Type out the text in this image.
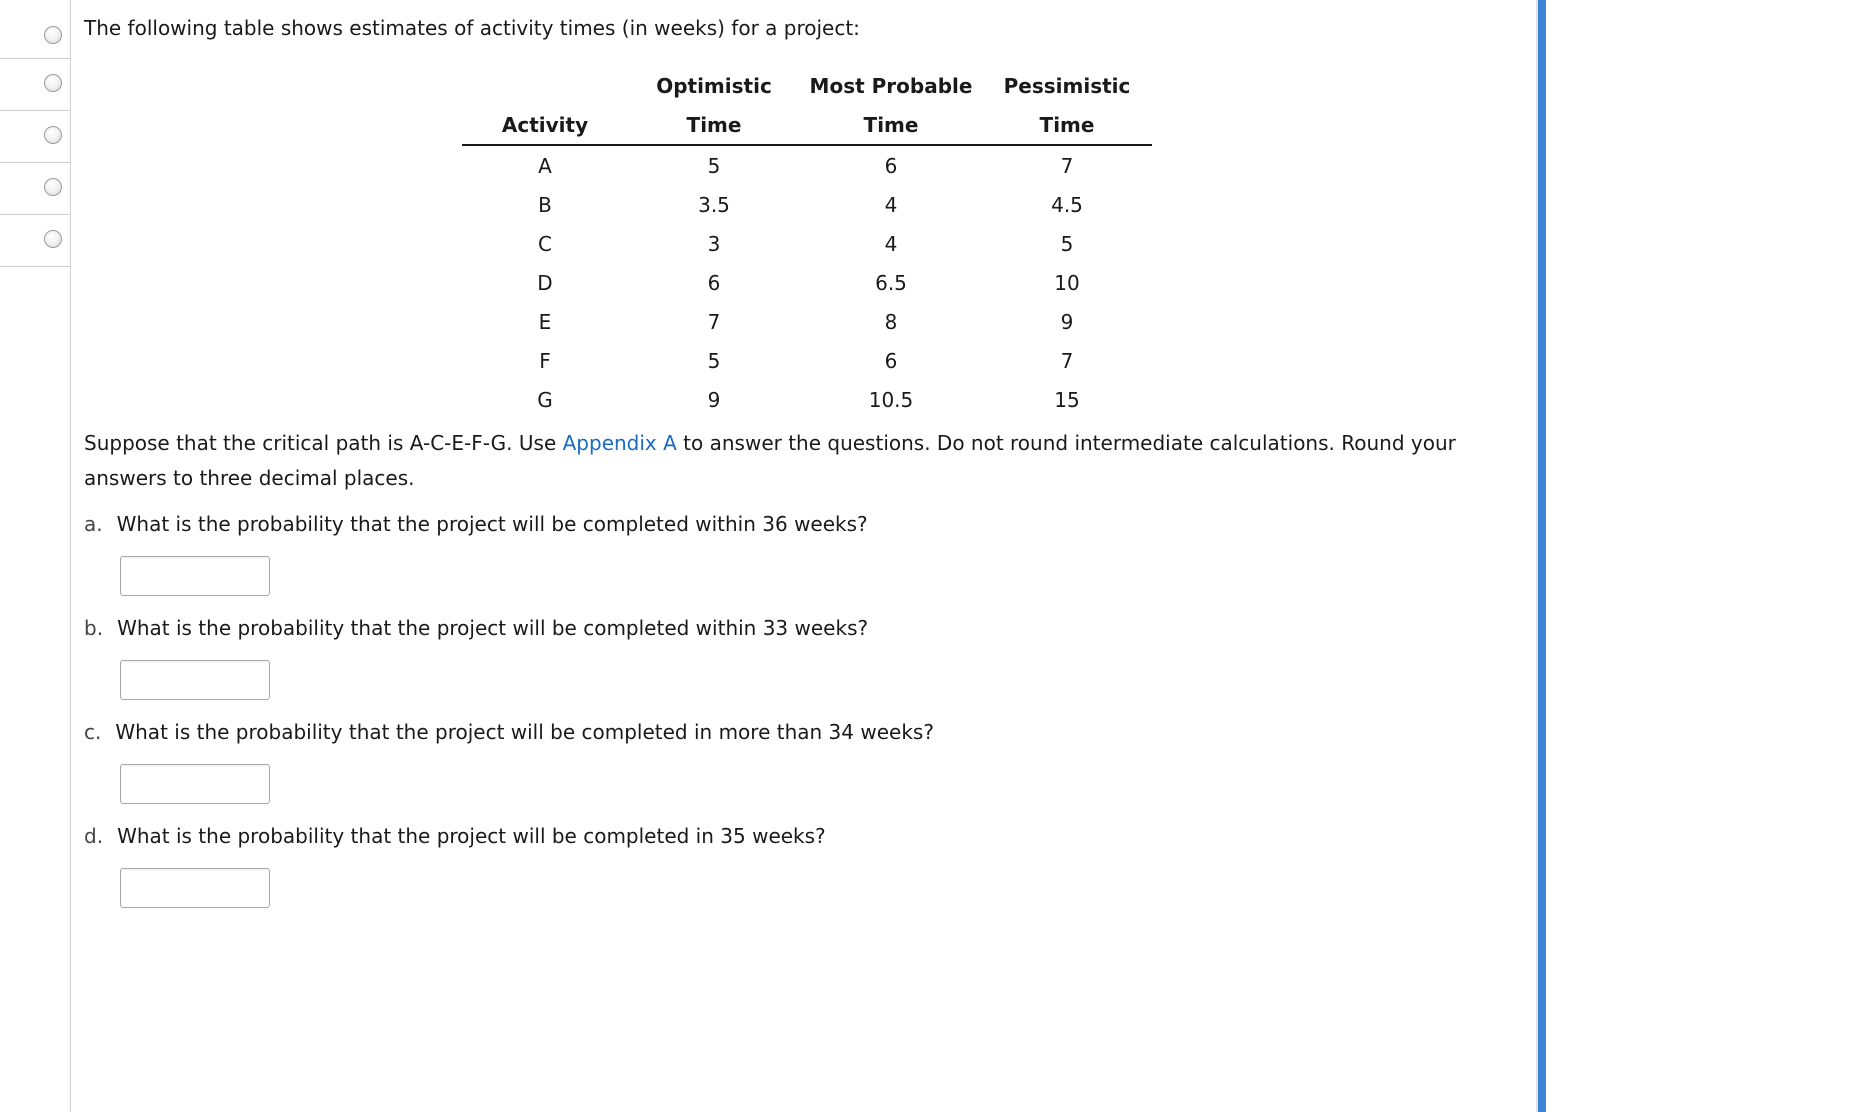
The following table shows estimates of activity times (in weeks) for a project:
	Optimistic	Most Probable	Pessimistic
Activity	Time	Time	Time
A	5	6	7
B	3.5	4	4.5
C	3	4	5
D	6	6.5	10
E	7	8	9
F	5	6	7
G	9	10.5	15
Suppose that the critical path is A-C-E-F-G. Use Appendix A to answer the questions. Do not round intermediate calculations. Round your answers to three decimal places.
a. What is the probability that the project will be completed within 36 weeks?
b. What is the probability that the project will be completed within 33 weeks?
c. What is the probability that the project will be completed in more than 34 weeks?
d. What is the probability that the project will be completed in 35 weeks?
